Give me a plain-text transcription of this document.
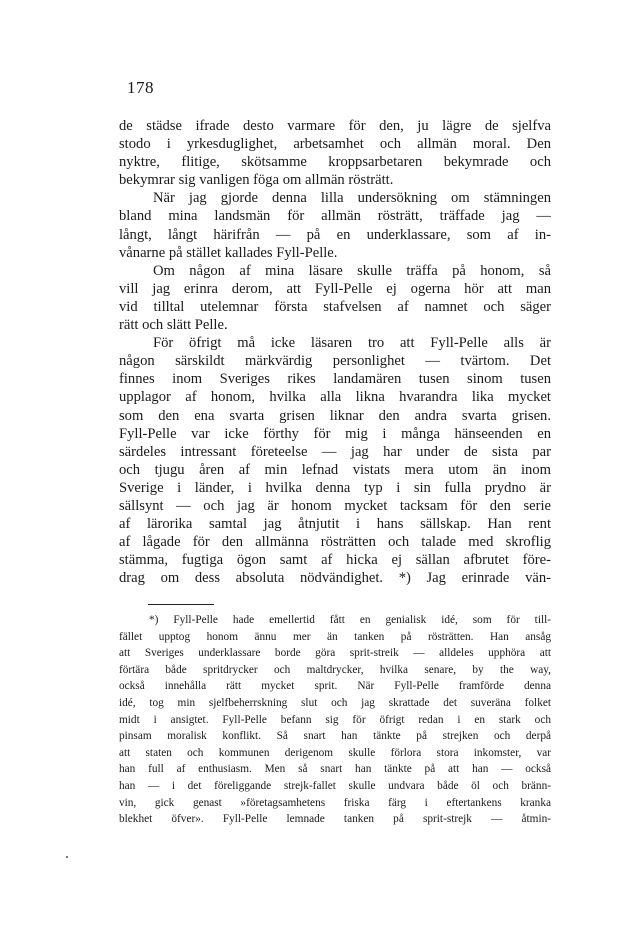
178
de städse ifrade desto varmare för den, ju lägre de sjelfva
stodo i yrkesduglighet, arbetsamhet och allmän moral. Den
nyktre, flitige, skötsamme kroppsarbetaren bekymrade och
bekymrar sig vanligen föga om allmän rösträtt.
När jag gjorde denna lilla undersökning om stämningen
bland mina landsmän för allmän rösträtt, träffade jag —
långt, långt härifrån — på en underklassare, som af in-
vånarne på stället kallades Fyll-Pelle.
Om någon af mina läsare skulle träffa på honom, så
vill jag erinra derom, att Fyll-Pelle ej ogerna hör att man
vid tilltal utelemnar första stafvelsen af namnet och säger
rätt och slätt Pelle.
För öfrigt må icke läsaren tro att Fyll-Pelle alls är
någon särskildt märkvärdig personlighet — tvärtom. Det
finnes inom Sveriges rikes landamären tusen sinom tusen
upplagor af honom, hvilka alla likna hvarandra lika mycket
som den ena svarta grisen liknar den andra svarta grisen.
Fyll-Pelle var icke förthy för mig i många hänseenden en
särdeles intressant företeelse — jag har under de sista par
och tjugu åren af min lefnad vistats mera utom än inom
Sverige i länder, i hvilka denna typ i sin fulla prydno är
sällsynt — och jag är honom mycket tacksam för den serie
af lärorika samtal jag åtnjutit i hans sällskap. Han rent
af lågade för den allmänna rösträtten och talade med skroflig
stämma, fugtiga ögon samt af hicka ej sällan afbrutet före-
drag om dess absoluta nödvändighet. *) Jag erinrade vän-
*) Fyll-Pelle hade emellertid fått en genialisk idé, som för till-
fället upptog honom ännu mer än tanken på rösträtten. Han ansåg
att Sveriges underklassare borde göra sprit-streik — alldeles upphöra att
förtära både spritdrycker och maltdrycker, hvilka senare, by the way,
också innehålla rätt mycket sprit. När Fyll-Pelle framförde denna
idé, tog min sjelfbeherrskning slut och jag skrattade det suveräna folket
midt i ansigtet. Fyll-Pelle befann sig för öfrigt redan i en stark och
pinsam moralisk konflikt. Så snart han tänkte på strejken och derpå
att staten och kommunen derigenom skulle förlora stora inkomster, var
han full af enthusiasm. Men så snart han tänkte på att han — också
han — i det föreliggande strejk-fallet skulle undvara både öl och bränn-
vin, gick genast »företagsamhetens friska färg i eftertankens kranka
blekhet öfver». Fyll-Pelle lemnade tanken på sprit-strejk — åtmin-
